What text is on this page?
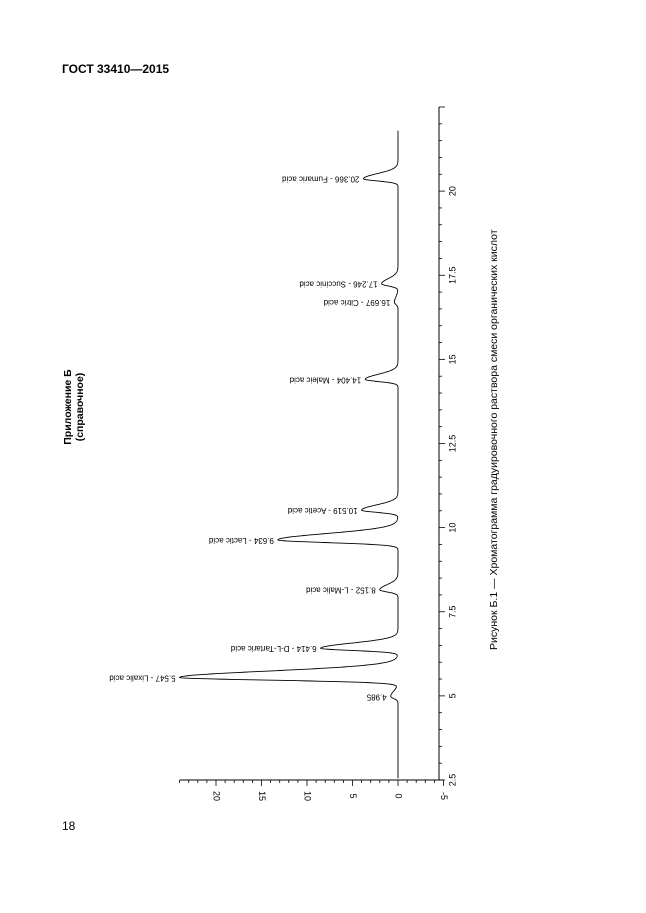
ГОСТ 33410—2015
Приложение Б (справочное)
2.5
5
7.5
10
12.5
15
17.5
20
-5
0
5
10
15
20
4.985
5.547 - Lixalic acid
6.414 - D-L-Tartaric acid
8.152 - L-Malic acid
9.634 - Lactic acid
10.519 - Acetic acid
14.404 - Maleic acid
16.697 - Citric acid
17.246 - Succinic acid
20.366 - Fumaric acid
Рисунок Б.1 — Хроматограмма градуировочного раствора смеси органических кислот
18
